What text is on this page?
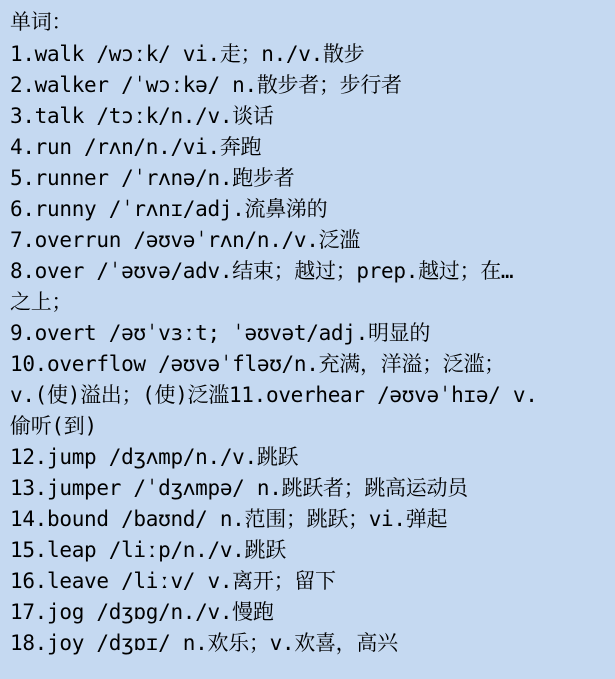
单词：
1.walk /wɔːk/ vi.走；n./v.散步
2.walker /ˈwɔːkə/ n.散步者；步行者
3.talk /tɔːk/n./v.谈话
4.run /rʌn/n./vi.奔跑
5.runner /ˈrʌnə/n.跑步者
6.runny /ˈrʌnɪ/adj.流鼻涕的
7.overrun /əʊvəˈrʌn/n./v.泛滥
8.over /ˈəʊvə/adv.结束；越过；prep.越过；在…
之上；
9.overt /əʊˈvɜːt; ˈəʊvət/adj.明显的
10.overflow /əʊvəˈfləʊ/n.充满，洋溢；泛滥；
v.(使)溢出；(使)泛滥11.overhear /əʊvəˈhɪə/ v.
偷听(到)
12.jump /dʒʌmp/n./v.跳跃
13.jumper /ˈdʒʌmpə/ n.跳跃者；跳高运动员
14.bound /baʊnd/ n.范围；跳跃；vi.弹起
15.leap /liːp/n./v.跳跃
16.leave /liːv/ v.离开；留下
17.jog /dʒɒg/n./v.慢跑
18.joy /dʒɒɪ/ n.欢乐；v.欢喜，高兴
